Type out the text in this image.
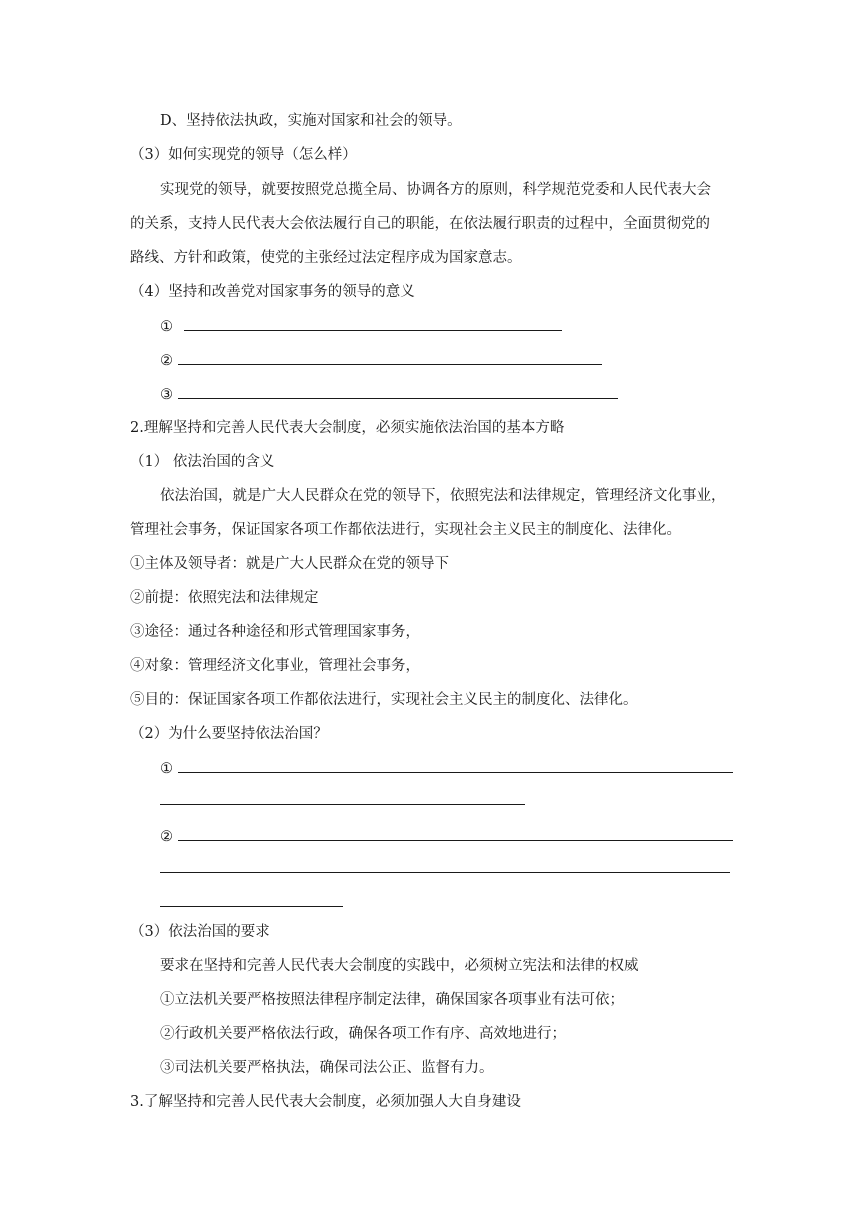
D、坚持依法执政，实施对国家和社会的领导。
（3）如何实现党的领导（怎么样）
实现党的领导，就要按照党总揽全局、协调各方的原则，科学规范党委和人民代表大会
的关系，支持人民代表大会依法履行自己的职能，在依法履行职责的过程中，全面贯彻党的
路线、方针和政策，使党的主张经过法定程序成为国家意志。
（4）坚持和改善党对国家事务的领导的意义
①
②
③
2.理解坚持和完善人民代表大会制度，必须实施依法治国的基本方略
（1） 依法治国的含义
依法治国，就是广大人民群众在党的领导下，依照宪法和法律规定，管理经济文化事业，
管理社会事务，保证国家各项工作都依法进行，实现社会主义民主的制度化、法律化。
①主体及领导者：就是广大人民群众在党的领导下
②前提：依照宪法和法律规定
③途径：通过各种途径和形式管理国家事务，
④对象：管理经济文化事业，管理社会事务，
⑤目的：保证国家各项工作都依法进行，实现社会主义民主的制度化、法律化。
（2）为什么要坚持依法治国？
①
②
（3）依法治国的要求
要求在坚持和完善人民代表大会制度的实践中，必须树立宪法和法律的权威
①立法机关要严格按照法律程序制定法律，确保国家各项事业有法可依；
②行政机关要严格依法行政，确保各项工作有序、高效地进行；
③司法机关要严格执法，确保司法公正、监督有力。
3.了解坚持和完善人民代表大会制度，必须加强人大自身建设
